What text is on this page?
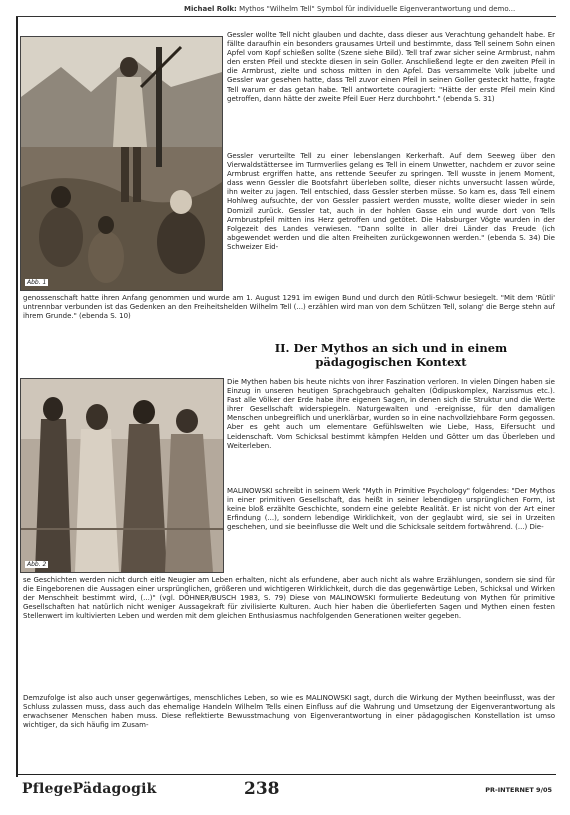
Michael Rolk: Mythos "Wilhelm Tell" Symbol für individuelle Eigenverantwortung und demo...
Abb. 1
Abb. 2

Gessler wollte Tell nicht glauben und dachte, dass dieser aus Verachtung gehandelt habe. Er fällte daraufhin ein besonders grausames Urteil und bestimmte, dass Tell seinem Sohn einen Apfel vom Kopf schießen sollte (Szene siehe Bild). Tell traf zwar sicher seine Armbrust, nahm den ersten Pfeil und steckte diesen in sein Goller. Anschließend legte er den zweiten Pfeil in die Armbrust, zielte und schoss mitten in den Apfel. Das versammelte Volk jubelte und Gessler war gesehen hatte, dass Tell zuvor einen Pfeil in seinen Goller gesteckt hatte, fragte Tell warum er das getan habe. Tell antwortete couragiert: "Hätte der erste Pfeil mein Kind getroffen, dann hätte der zweite Pfeil Euer Herz durchbohrt." (ebenda S. 31)

Gessler verurteilte Tell zu einer lebenslangen Kerkerhaft. Auf dem Seeweg über den Vierwaldstättersee im Turmverlies gelang es Tell in einem Unwetter, nachdem er zuvor seine Armbrust ergriffen hatte, ans rettende Seeufer zu springen. Tell wusste in jenem Moment, dass wenn Gessler die Bootsfahrt überleben sollte, dieser nichts unversucht lassen würde, ihn weiter zu jagen. Tell entschied, dass Gessler sterben müsse. So kam es, dass Tell einem Hohlweg aufsuchte, der von Gessler passiert werden musste, wollte dieser wieder in sein Domizil zurück. Gessler tat, auch in der hohlen Gasse ein und wurde dort von Tells Armbrustpfeil mitten ins Herz getroffen und getötet. Die Habsburger Vögte wurden in der Folgezeit des Landes verwiesen. "Dann sollte in aller drei Länder das Freude (ich abgewendet werden und die alten Freiheiten zurückgewonnen werden." (ebenda S. 34) Die Schweizer Eid-

genossenschaft hatte ihren Anfang genommen und wurde am 1. August 1291 im ewigen Bund und durch den Rütli-Schwur besiegelt. "Mit dem 'Rütli' untrennbar verbunden ist das Gedenken an den Freiheitshelden Wilhelm Tell (...) erzählen wird man von dem Schützen Tell, solang' die Berge stehn auf ihrem Grunde." (ebenda S. 10)

II. Der Mythos an sich und in einem pädagogischen Kontext

Die Mythen haben bis heute nichts von ihrer Faszination verloren. In vielen Dingen haben sie Einzug in unseren heutigen Sprachgebrauch gehalten (Ödipuskomplex, Narzissmus etc.). Fast alle Völker der Erde habe ihre eigenen Sagen, in denen sich die Struktur und die Werte ihrer Gesellschaft widerspiegeln. Naturgewalten und -ereignisse, für den damaligen Menschen unbegreiflich und unerklärbar, wurden so in eine nachvollziehbare Form gegossen. Aber es geht auch um elementare Gefühlswelten wie Liebe, Hass, Eifersucht und Leidenschaft. Vom Schicksal bestimmt kämpfen Helden und Götter um das Überleben und Weiterleben.

MALINOWSKI schreibt in seinem Werk "Myth in Primitive Psychology" folgendes: "Der Mythos in einer primitiven Gesellschaft, das heißt in seiner lebendigen ursprünglichen Form, ist keine bloß erzählte Geschichte, sondern eine gelebte Realität. Er ist nicht von der Art einer Erfindung (...), sondern lebendige Wirklichkeit, von der geglaubt wird, sie sei in Urzeiten geschehen, und sie beeinflusse die Welt und die Schicksale seitdem fortwährend. (...) Die-

se Geschichten werden nicht durch eitle Neugier am Leben erhalten, nicht als erfundene, aber auch nicht als wahre Erzählungen, sondern sie sind für die Eingeborenen die Aussagen einer ursprünglichen, größeren und wichtigeren Wirklichkeit, durch die das gegenwärtige Leben, Schicksal und Wirken der Menschheit bestimmt wird, (...)" (vgl. DÖHNER/BUSCH 1983, S. 79) Diese von MALINOWSKI formulierte Bedeutung von Mythen für primitive Gesellschaften hat natürlich nicht weniger Aussagekraft für zivilisierte Kulturen. Auch hier haben die überlieferten Sagen und Mythen einen festen Stellenwert im kultivierten Leben und werden mit dem gleichen Enthusiasmus nachfolgenden Generationen weiter gegeben.

Demzufolge ist also auch unser gegenwärtiges, menschliches Leben, so wie es MALINOWSKI sagt, durch die Wirkung der Mythen beeinflusst, was der Schluss zulassen muss, dass auch das ehemalige Handeln Wilhelm Tells einen Einfluss auf die Wahrung und Umsetzung der Eigenverantwortung als erwachsener Menschen haben muss. Diese reflektierte Bewusstmachung von Eigenverantwortung in einer pädagogischen Konstellation ist umso wichtiger, da sich häufig im Zusam-

PflegePädagogik	238	PR-INTERNET 9/05
